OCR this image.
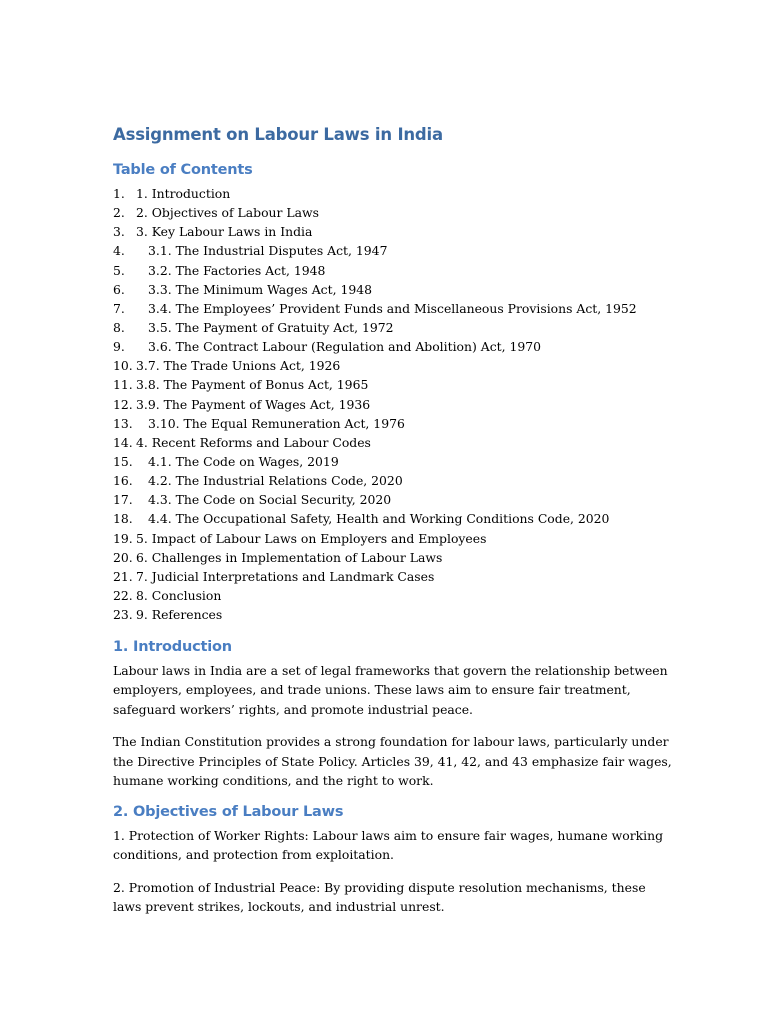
Assignment on Labour Laws in India
Table of Contents
1. 1. Introduction
2. 2. Objectives of Labour Laws
3. 3. Key Labour Laws in India
4. 3.1. The Industrial Disputes Act, 1947
5. 3.2. The Factories Act, 1948
6. 3.3. The Minimum Wages Act, 1948
7. 3.4. The Employees’ Provident Funds and Miscellaneous Provisions Act, 1952
8. 3.5. The Payment of Gratuity Act, 1972
9. 3.6. The Contract Labour (Regulation and Abolition) Act, 1970
10. 3.7. The Trade Unions Act, 1926
11. 3.8. The Payment of Bonus Act, 1965
12. 3.9. The Payment of Wages Act, 1936
13. 3.10. The Equal Remuneration Act, 1976
14. 4. Recent Reforms and Labour Codes
15. 4.1. The Code on Wages, 2019
16. 4.2. The Industrial Relations Code, 2020
17. 4.3. The Code on Social Security, 2020
18. 4.4. The Occupational Safety, Health and Working Conditions Code, 2020
19. 5. Impact of Labour Laws on Employers and Employees
20. 6. Challenges in Implementation of Labour Laws
21. 7. Judicial Interpretations and Landmark Cases
22. 8. Conclusion
23. 9. References
1. Introduction

Labour laws in India are a set of legal frameworks that govern the relationship between employers, employees, and trade unions. These laws aim to ensure fair treatment, safeguard workers’ rights, and promote industrial peace.

The Indian Constitution provides a strong foundation for labour laws, particularly under the Directive Principles of State Policy. Articles 39, 41, 42, and 43 emphasize fair wages, humane working conditions, and the right to work.

2. Objectives of Labour Laws

1. Protection of Worker Rights: Labour laws aim to ensure fair wages, humane working conditions, and protection from exploitation.

2. Promotion of Industrial Peace: By providing dispute resolution mechanisms, these laws prevent strikes, lockouts, and industrial unrest.
